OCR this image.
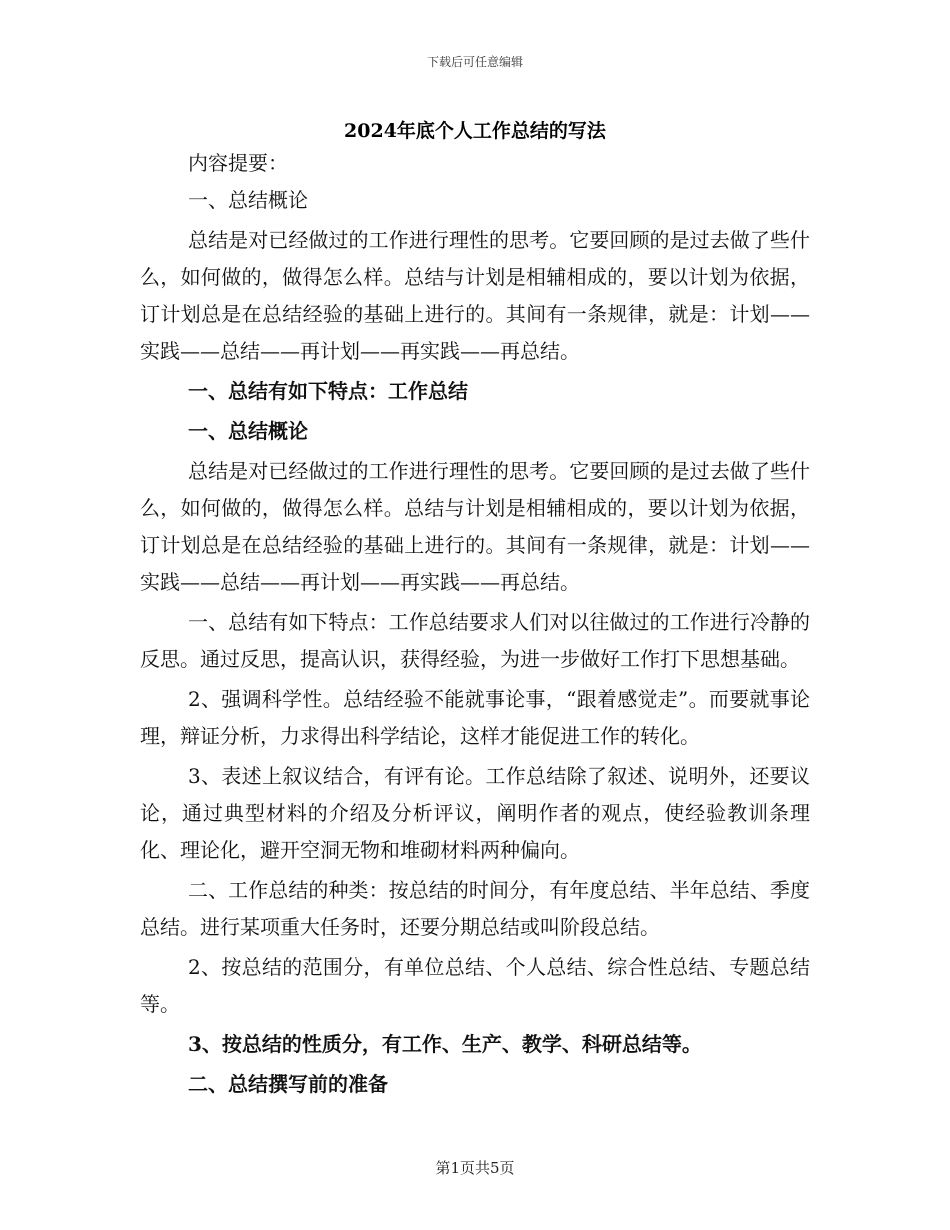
下载后可任意编辑
2024年底个人工作总结的写法

内容提要：

一、总结概论

总结是对已经做过的工作进行理性的思考。它要回顾的是过去做了些什么，如何做的，做得怎么样。总结与计划是相辅相成的，要以计划为依据，订计划总是在总结经验的基础上进行的。其间有一条规律，就是：计划——实践——总结——再计划——再实践——再总结。

一、总结有如下特点：工作总结

一、总结概论

总结是对已经做过的工作进行理性的思考。它要回顾的是过去做了些什么，如何做的，做得怎么样。总结与计划是相辅相成的，要以计划为依据，订计划总是在总结经验的基础上进行的。其间有一条规律，就是：计划——实践——总结——再计划——再实践——再总结。

一、总结有如下特点：工作总结要求人们对以往做过的工作进行冷静的反思。通过反思，提高认识，获得经验，为进一步做好工作打下思想基础。

2、强调科学性。总结经验不能就事论事，“跟着感觉走”。而要就事论理，辩证分析，力求得出科学结论，这样才能促进工作的转化。

3、表述上叙议结合，有评有论。工作总结除了叙述、说明外，还要议论，通过典型材料的介绍及分析评议，阐明作者的观点，使经验教训条理化、理论化，避开空洞无物和堆砌材料两种偏向。

二、工作总结的种类：按总结的时间分，有年度总结、半年总结、季度总结。进行某项重大任务时，还要分期总结或叫阶段总结。

2、按总结的范围分，有单位总结、个人总结、综合性总结、专题总结等。

3、按总结的性质分，有工作、生产、教学、科研总结等。

二、总结撰写前的准备

第1页共5页
